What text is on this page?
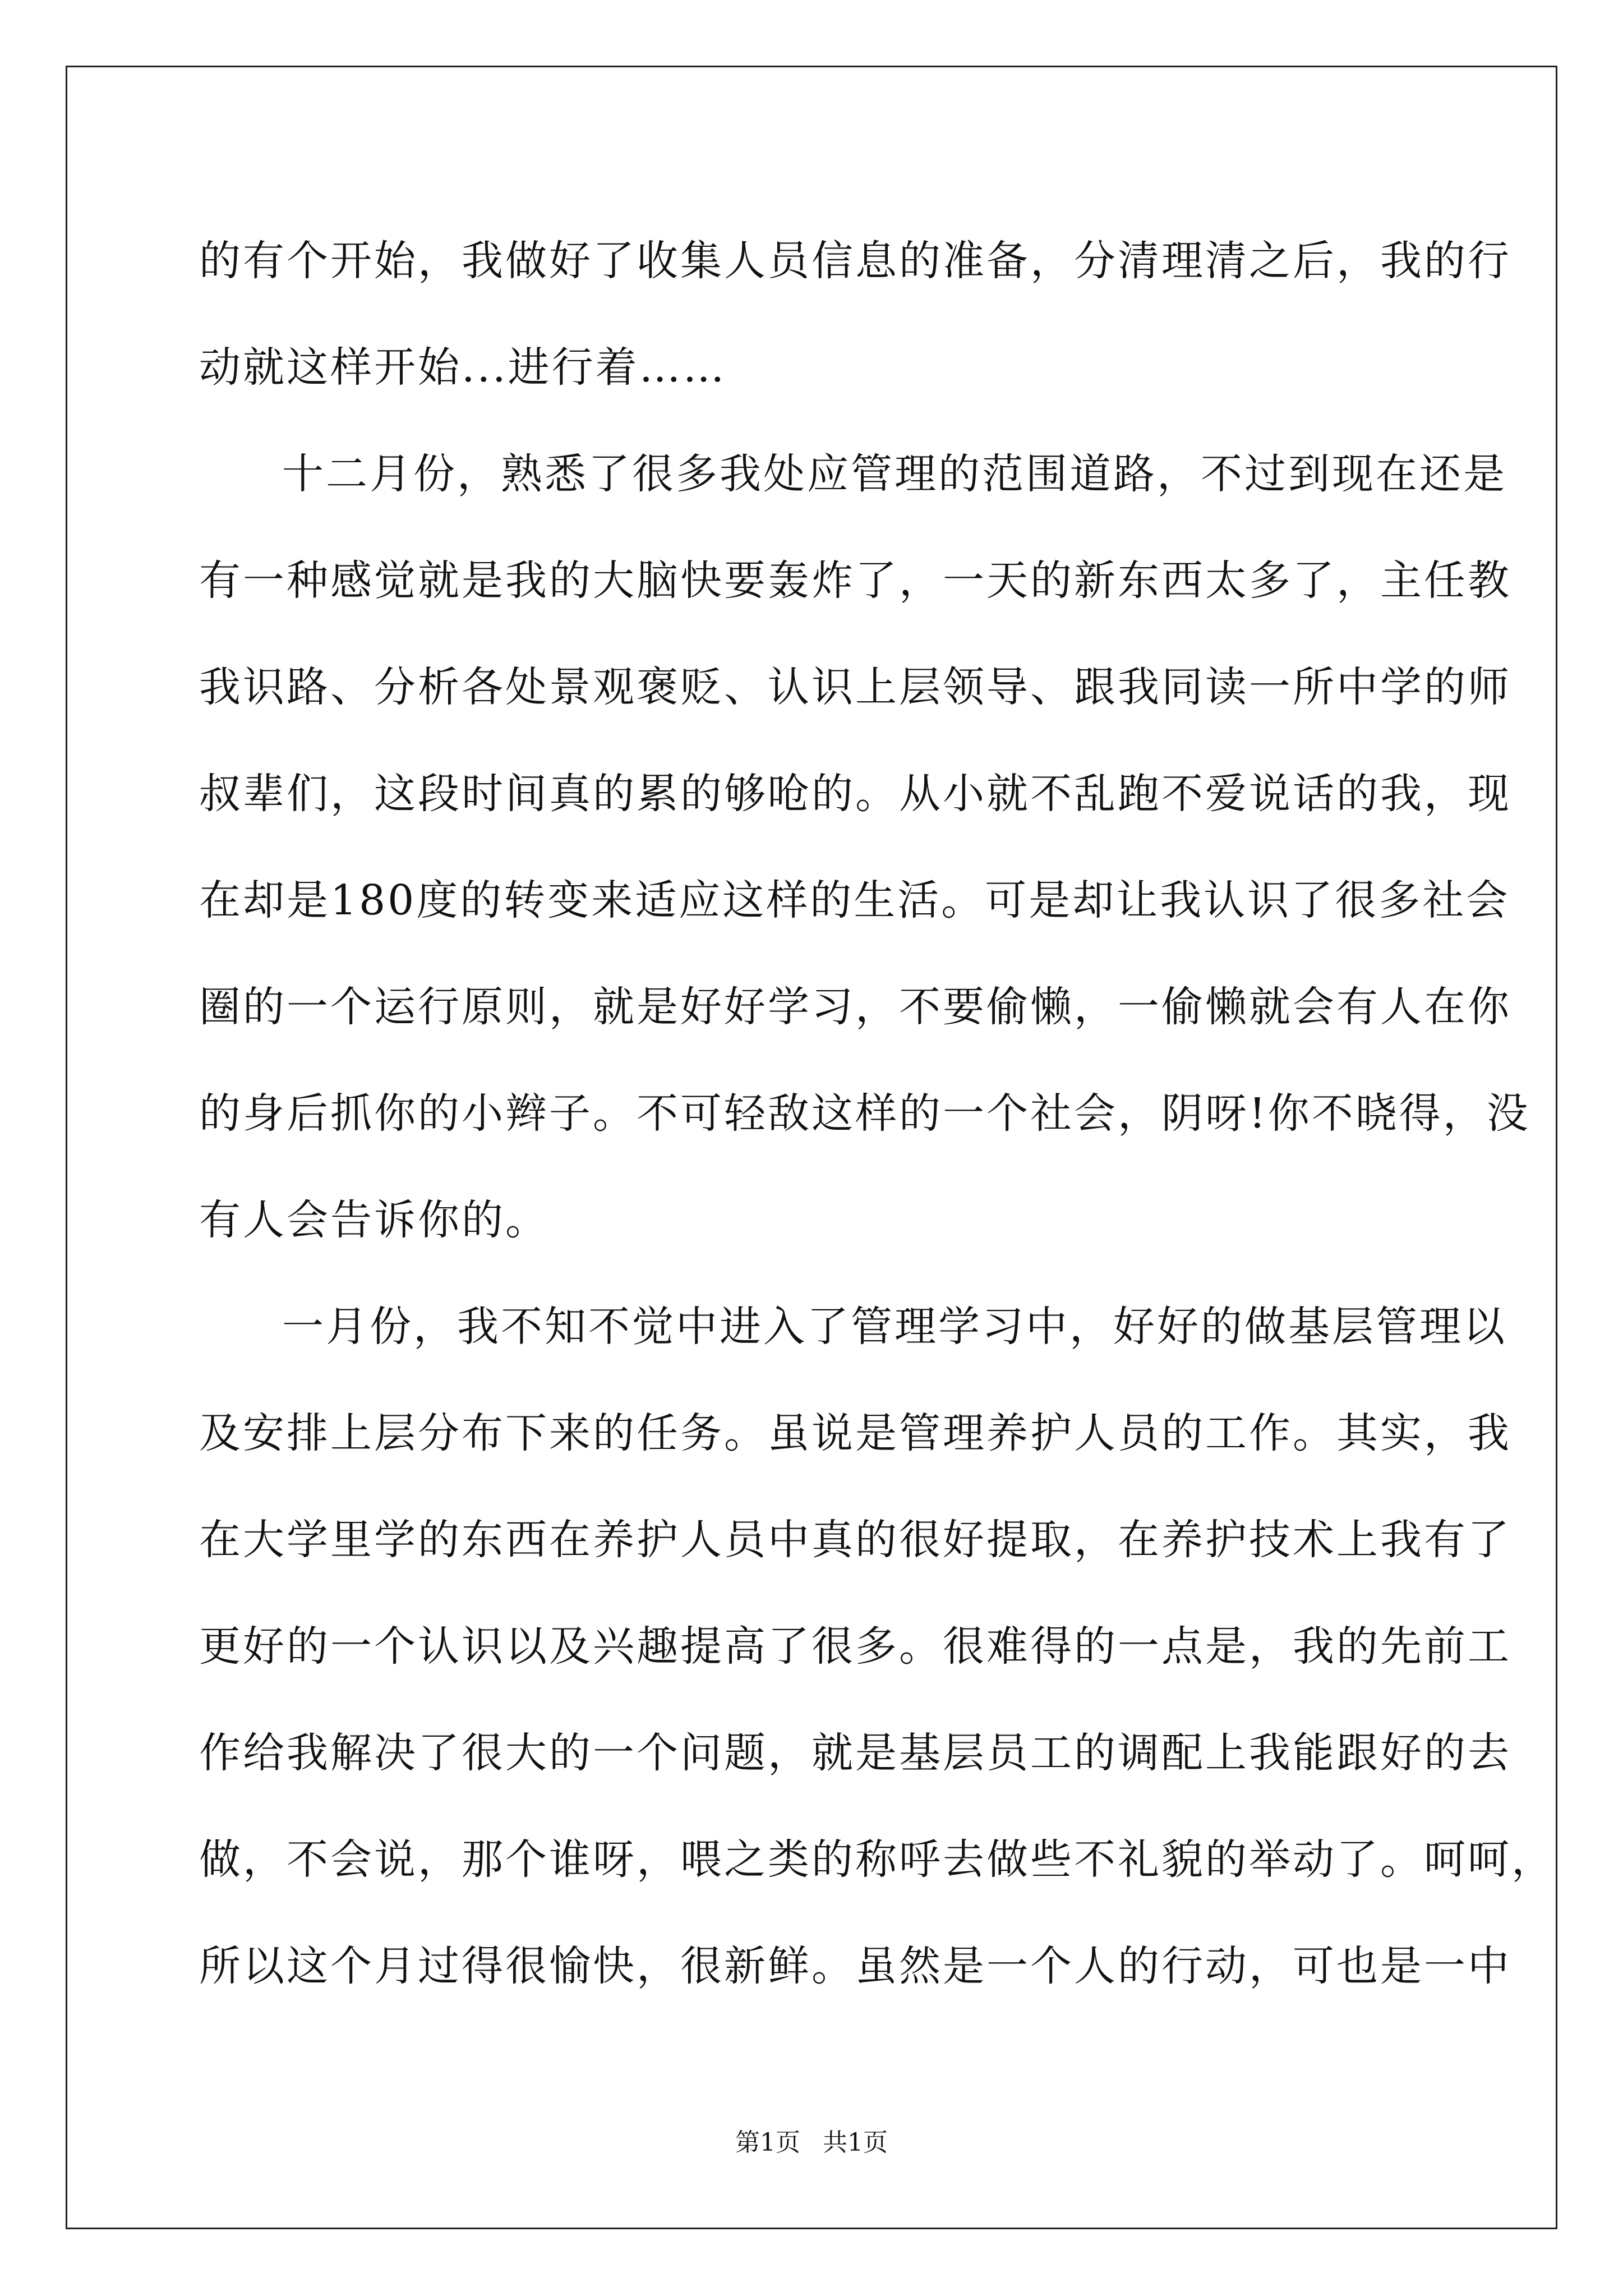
的有个开始，我做好了收集人员信息的准备，分清理清之后，我的行
动就这样开始...进行着……
十二月份，熟悉了很多我处应管理的范围道路，不过到现在还是
有一种感觉就是我的大脑快要轰炸了，一天的新东西太多了，主任教
我识路、分析各处景观褒贬、认识上层领导、跟我同读一所中学的师
叔辈们，这段时间真的累的够呛的。从小就不乱跑不爱说话的我，现
在却是180度的转变来适应这样的生活。可是却让我认识了很多社会
圈的一个运行原则，就是好好学习，不要偷懒，一偷懒就会有人在你
的身后抓你的小辫子。不可轻敌这样的一个社会，阴呀!你不晓得，没
有人会告诉你的。
一月份，我不知不觉中进入了管理学习中，好好的做基层管理以
及安排上层分布下来的任务。虽说是管理养护人员的工作。其实，我
在大学里学的东西在养护人员中真的很好提取，在养护技术上我有了
更好的一个认识以及兴趣提高了很多。很难得的一点是，我的先前工
作给我解决了很大的一个问题，就是基层员工的调配上我能跟好的去
做，不会说，那个谁呀，喂之类的称呼去做些不礼貌的举动了。呵呵，
所以这个月过得很愉快，很新鲜。虽然是一个人的行动，可也是一中
第1页 共1页
